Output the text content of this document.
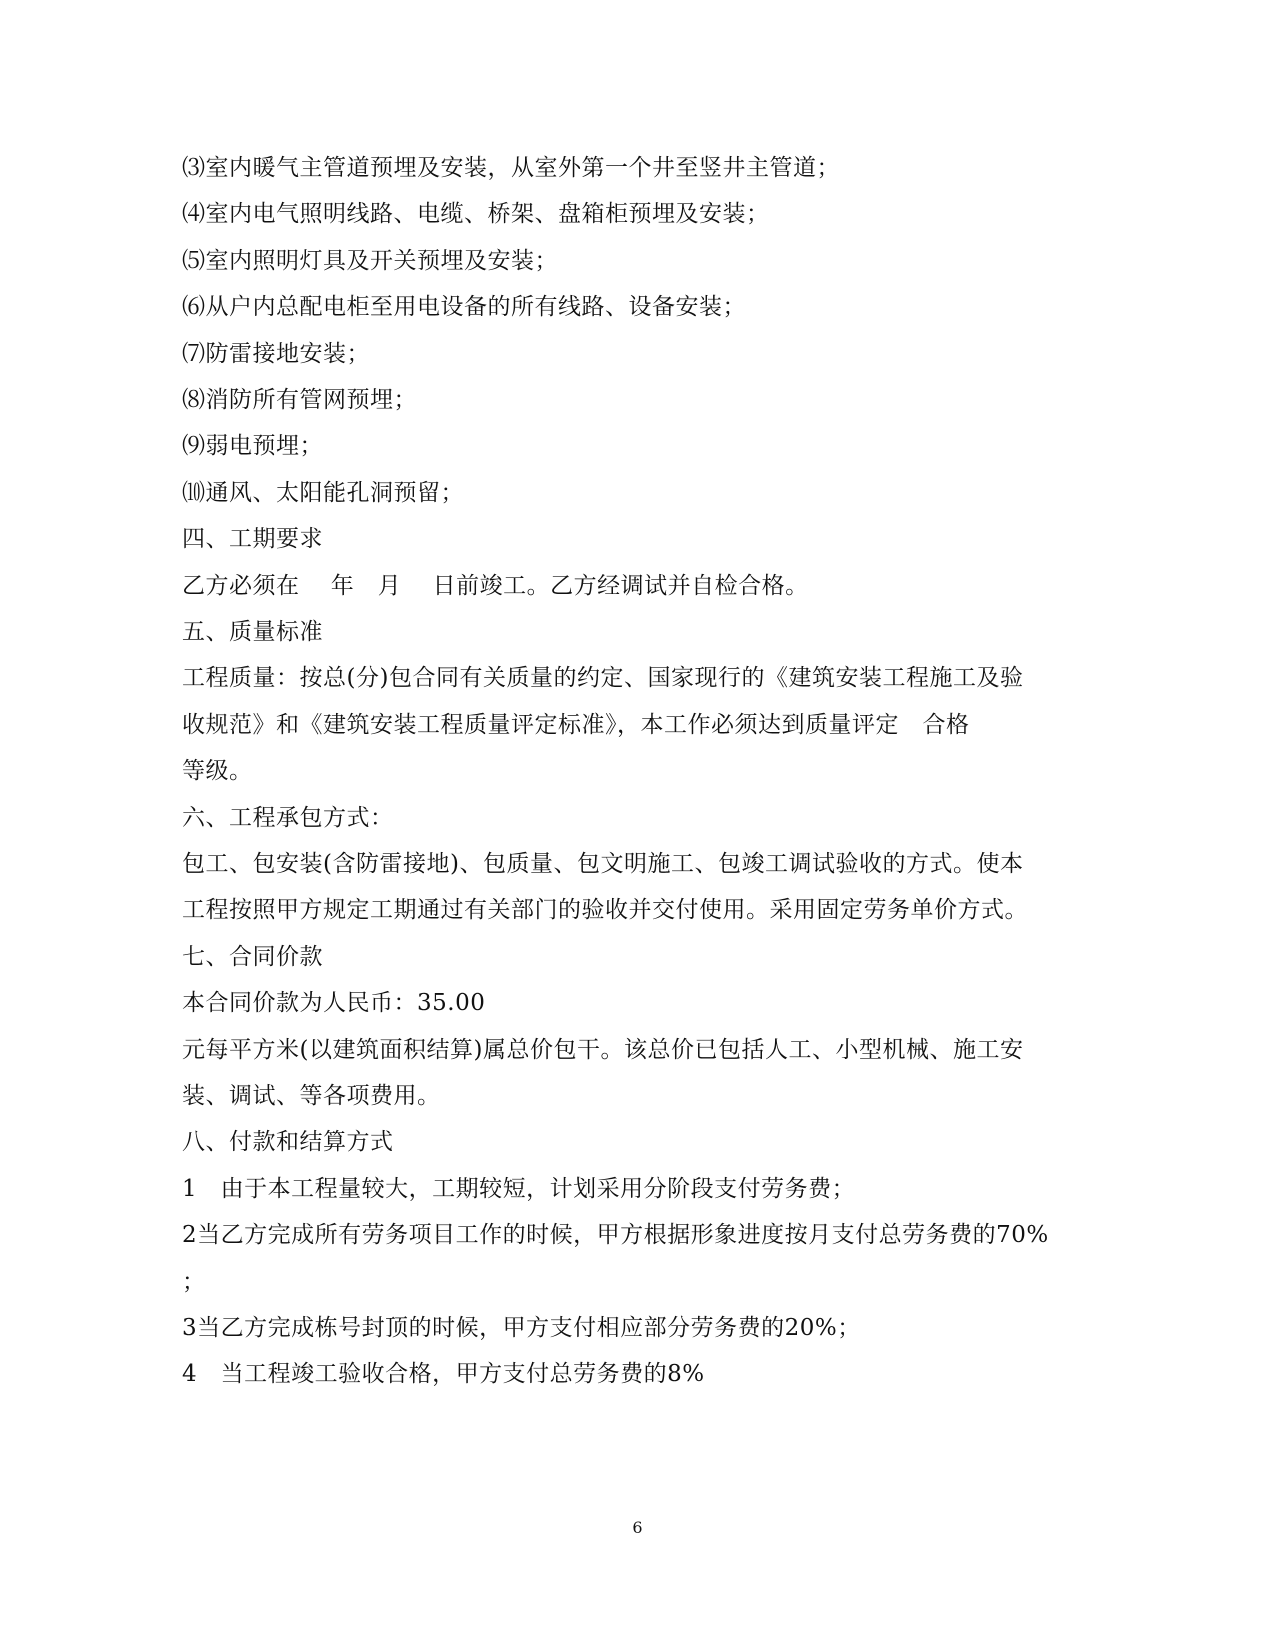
⑶室内暖气主管道预埋及安装，从室外第一个井至竖井主管道；
⑷室内电气照明线路、电缆、桥架、盘箱柜预埋及安装；
⑸室内照明灯具及开关预埋及安装；
⑹从户内总配电柜至用电设备的所有线路、设备安装；
⑺防雷接地安装；
⑻消防所有管网预埋；
⑼弱电预埋；
⑽通风、太阳能孔洞预留；
四、工期要求
乙方必须在　 年　月　 日前竣工。乙方经调试并自检合格。
五、质量标准
工程质量：按总(分)包合同有关质量的约定、国家现行的《建筑安装工程施工及验
收规范》和《建筑安装工程质量评定标准》，本工作必须达到质量评定　合格
等级。
六、工程承包方式：
包工、包安装(含防雷接地)、包质量、包文明施工、包竣工调试验收的方式。使本
工程按照甲方规定工期通过有关部门的验收并交付使用。采用固定劳务单价方式。
七、合同价款
本合同价款为人民币：35.00
元每平方米(以建筑面积结算)属总价包干。该总价已包括人工、小型机械、施工安
装、调试、等各项费用。
八、付款和结算方式
1　由于本工程量较大，工期较短，计划采用分阶段支付劳务费；
2当乙方完成所有劳务项目工作的时候，甲方根据形象进度按月支付总劳务费的70%
；
3当乙方完成栋号封顶的时候，甲方支付相应部分劳务费的20%；
4　当工程竣工验收合格，甲方支付总劳务费的8%
6
